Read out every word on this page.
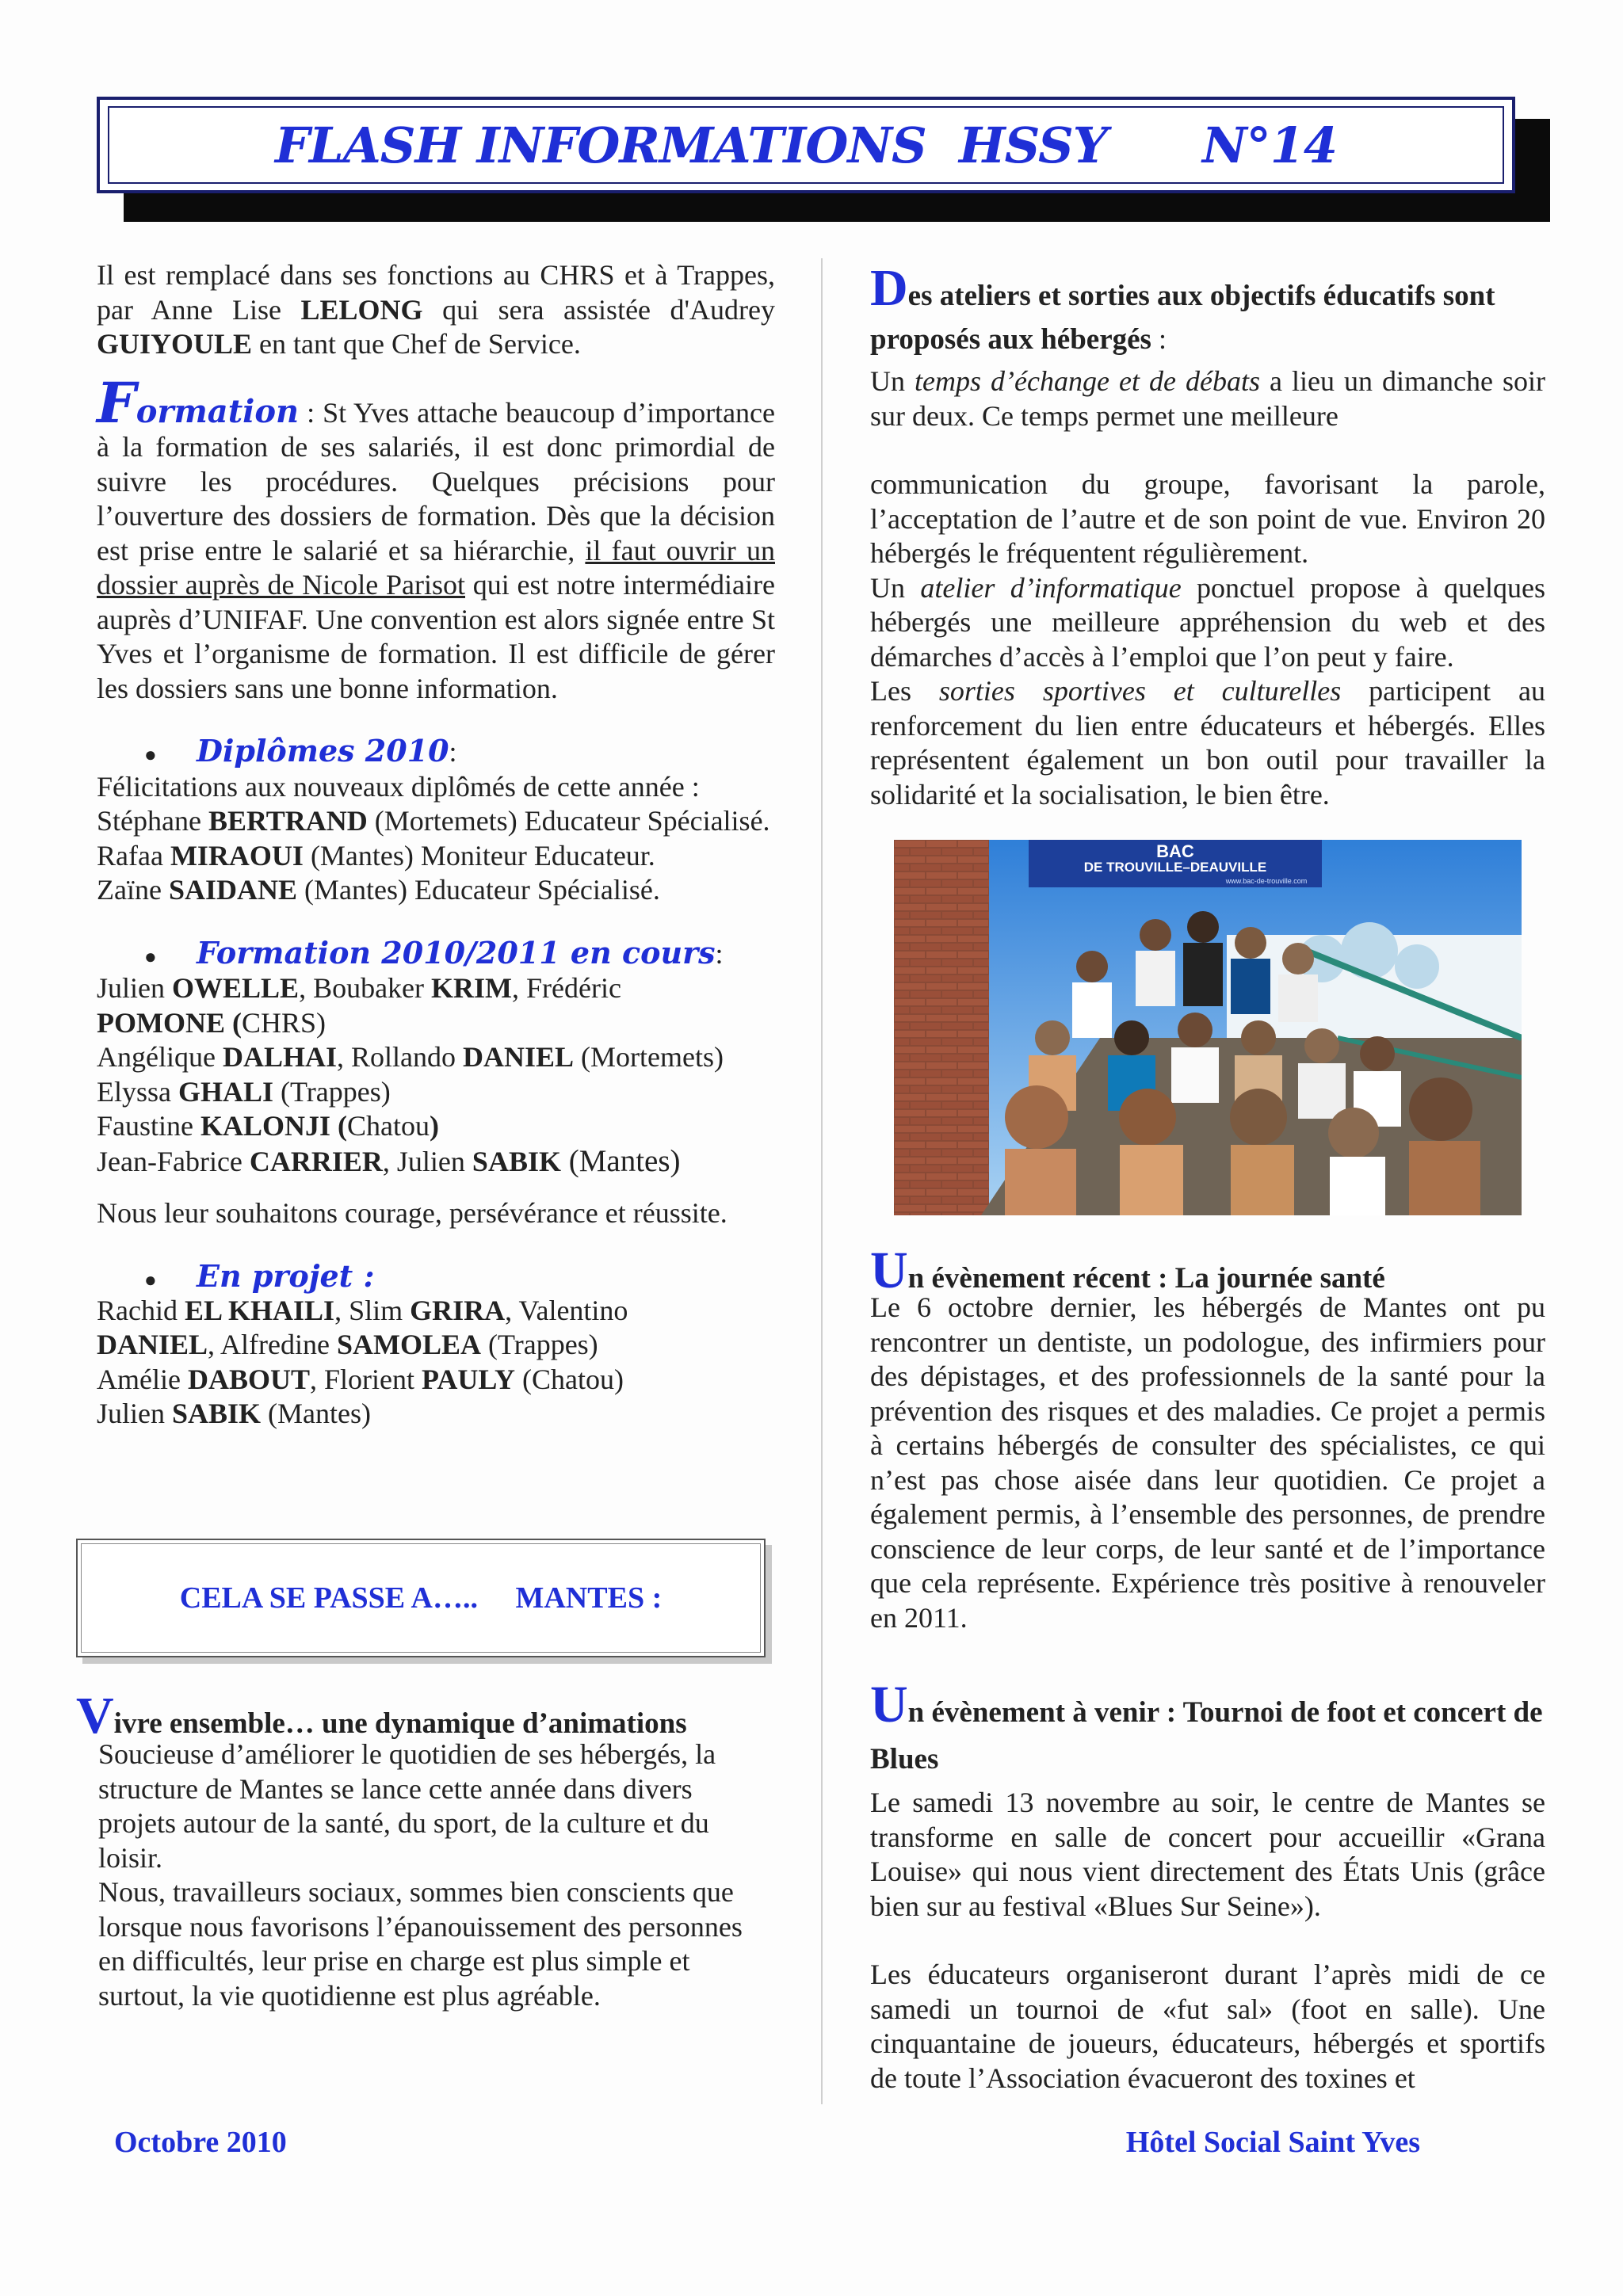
FLASH INFORMATIONS  HSSY N°14
Il est remplacé dans ses fonctions au CHRS et à Trappes, par Anne Lise LELONG qui sera assistée d'Audrey GUIYOULE en tant que Chef de Service.
Formation : St Yves attache beaucoup d’importance à la formation de ses salariés, il est donc primordial de suivre les procédures. Quelques précisions pour l’ouverture des dossiers de formation. Dès que la décision est prise entre le salarié et sa hiérarchie, il faut ouvrir un dossier auprès de Nicole Parisot qui est notre intermédiaire auprès d’UNIFAF. Une convention est alors signée entre St Yves et l’organisme de formation. Il est difficile de gérer les dossiers sans une bonne information.
●	Diplômes 2010 :
Félicitations aux nouveaux diplômés de cette année :
Stéphane BERTRAND (Mortemets) Educateur Spécialisé.
Rafaa MIRAOUI (Mantes) Moniteur Educateur.
Zaïne SAIDANE (Mantes) Educateur Spécialisé.
●	Formation 2010/2011 en cours :
Julien OWELLE, Boubaker KRIM, Frédéric
POMONE (CHRS)
Angélique DALHAI, Rollando DANIEL (Mortemets)
Elyssa GHALI (Trappes)
Faustine KALONJI (Chatou)
Jean-Fabrice CARRIER, Julien SABIK (Mantes)
Nous leur souhaitons courage, persévérance et réussite.
●	En projet :
Rachid EL KHAILI, Slim GRIRA, Valentino
DANIEL, Alfredine SAMOLEA (Trappes)
Amélie DABOUT, Florient PAULY (Chatou)
Julien SABIK (Mantes)
CELA SE PASSE A…..     MANTES :
Vivre ensemble… une dynamique d’animations
Soucieuse d’améliorer le quotidien de ses hébergés, la structure de Mantes se lance cette année dans divers projets autour de la santé, du sport, de la culture et du loisir.
Nous, travailleurs sociaux, sommes bien conscients que lorsque nous favorisons l’épanouissement des personnes en difficultés, leur prise en charge est plus simple et surtout, la vie quotidienne est plus agréable.
Des ateliers et sorties aux objectifs éducatifs sont proposés aux hébergés :
Un temps d’échange et de débats a lieu un dimanche soir sur deux. Ce temps permet une meilleure
communication du groupe, favorisant la parole, l’acceptation de l’autre et de son point de vue. Environ 20 hébergés le fréquentent régulièrement.
Un atelier d’informatique ponctuel propose à quelques hébergés une meilleure appréhension du web et des démarches d’accès à l’emploi que l’on peut y faire.
Les sorties sportives et culturelles participent au renforcement du lien entre éducateurs et hébergés. Elles représentent également un bon outil pour travailler la solidarité et la socialisation, le bien être.
BAC
DE TROUVILLE–DEAUVILLE
www.bac-de-trouville.com
Un évènement récent : La journée santé
Le 6 octobre dernier, les hébergés de Mantes ont pu rencontrer un dentiste, un podologue, des infirmiers pour des dépistages, et des professionnels de la santé pour la prévention des risques et des maladies. Ce projet a permis à certains hébergés de consulter des spécialistes, ce qui n’est pas chose aisée dans leur quotidien. Ce projet a également permis, à l’ensemble des personnes, de prendre conscience de leur corps, de leur santé et de l’importance que cela représente. Expérience très positive à renouveler en 2011.
Un évènement à venir : Tournoi de foot et concert de Blues
Le samedi 13 novembre au soir, le centre de Mantes se transforme en salle de concert pour accueillir «Grana Louise» qui nous vient directement des États Unis (grâce bien sur au festival «Blues Sur Seine»).
Les éducateurs organiseront durant l’après midi de ce samedi un tournoi de «fut sal» (foot en salle). Une cinquantaine de joueurs, éducateurs, hébergés et sportifs de toute l’Association évacueront des toxines et
Octobre 2010	Hôtel Social Saint Yves
